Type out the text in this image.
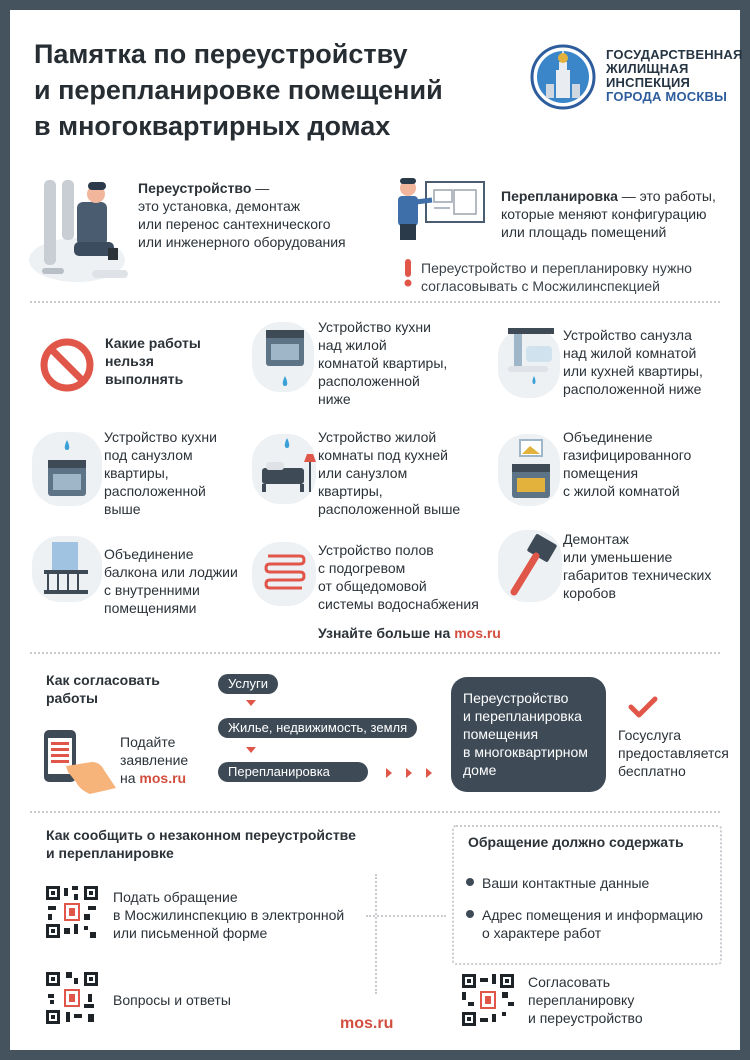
Памятка по переустройству
и перепланировке помещений
в многоквартирных домах
ГОСУДАРСТВЕННАЯ
ЖИЛИЩНАЯ
ИНСПЕКЦИЯ
ГОРОДА МОСКВЫ
Переустройство —
это установка, демонтаж
или перенос сантехнического
или инженерного оборудования
Перепланировка — это работы,
которые меняют конфигурацию
или площадь помещений
Переустройство и перепланировку нужно
согласовывать с Мосжилинспекцией
Какие работы
нельзя
выполнять
Устройство кухни
над жилой
комнатой квартиры,
расположенной
ниже
Устройство санузла
над жилой комнатой
или кухней квартиры,
расположенной ниже
Устройство кухни
под санузлом
квартиры,
расположенной
выше
Устройство жилой
комнаты под кухней
или санузлом
квартиры,
расположенной выше
Объединение
газифицированного
помещения
с жилой комнатой
Объединение
балкона или лоджии
с внутренними
помещениями
Устройство полов
с подогревом
от общедомовой
системы водоснабжения
Демонтаж
или уменьшение
габаритов технических
коробов
Узнайте больше на mos.ru
Как согласовать
работы
Подайте
заявление
на mos.ru
Услуги
Жилье, недвижимость, земля
Перепланировка
Переустройство
и перепланировка
помещения
в многоквартирном
доме
Госуслуга
предоставляется
бесплатно
Как сообщить о незаконном переустройстве
и перепланировке
Подать обращение
в Мосжилинспекцию в электронной
или письменной форме
Вопросы и ответы
Обращение должно содержать
Ваши контактные данные
Адрес помещения и информацию
о характере работ
Согласовать
перепланировку
и переустройство
mos.ru
